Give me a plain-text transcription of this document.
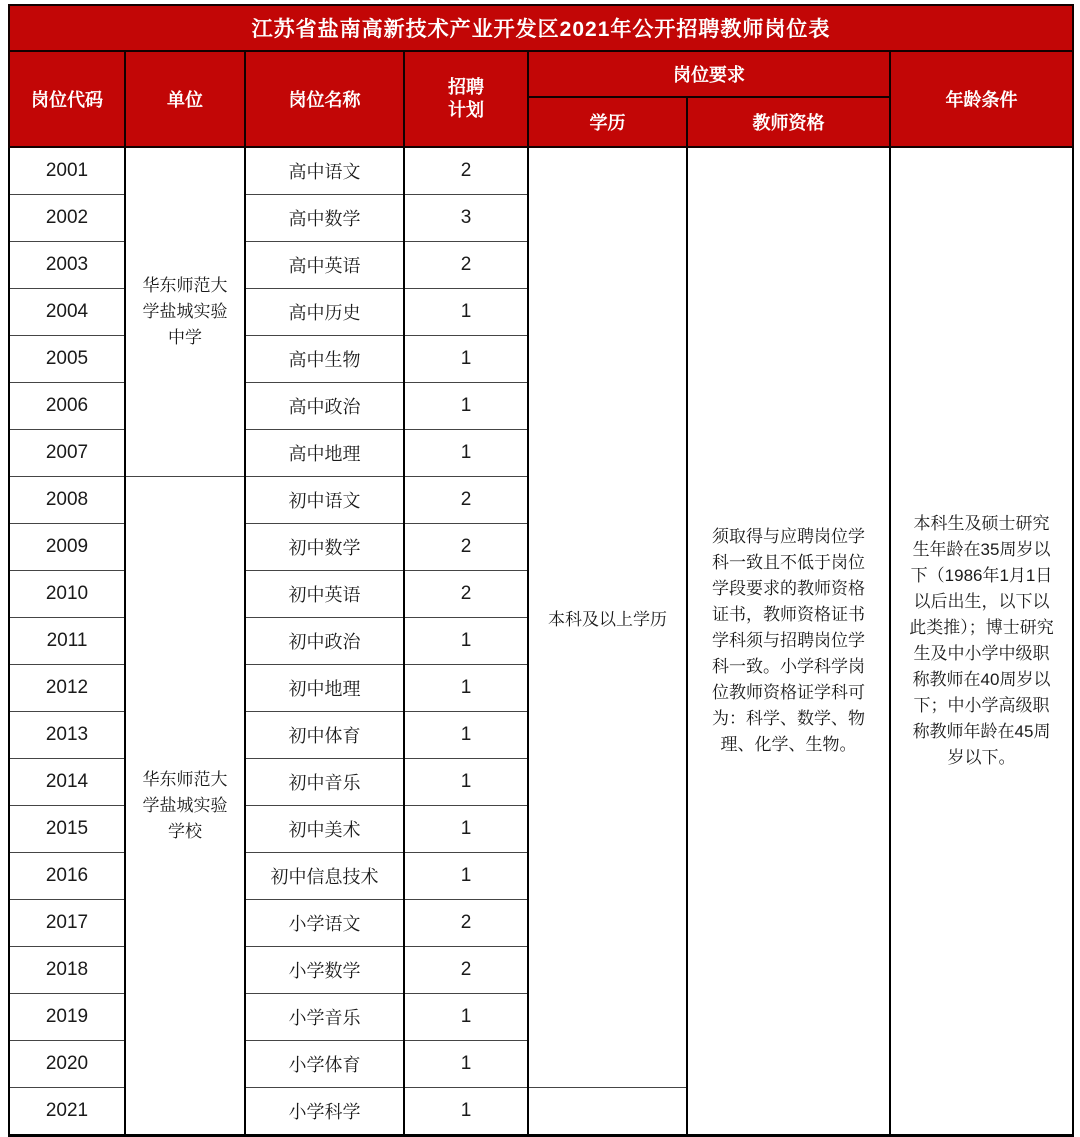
江苏省盐南高新技术产业开发区2021年公开招聘教师岗位表						
岗位代码	单位	岗位名称	招聘计划	岗位要求		年龄条件
				学历	教师资格	
2001	华东师范大学盐城实验中学	高中语文	2	本科及以上学历	须取得与应聘岗位学科一致且不低于岗位学段要求的教师资格证书，教师资格证书学科须与招聘岗位学科一致。小学科学岗位教师资格证学科可为：科学、数学、物理、化学、生物。	本科生及硕士研究生年龄在35周岁以下（1986年1月1日以后出生，以下以此类推）；博士研究生及中小学中级职称教师在40周岁以下；中小学高级职称教师年龄在45周岁以下。

2002		高中数学	3			
2003		高中英语	2			
2004		高中历史	1			
2005		高中生物	1			
2006		高中政治	1			
2007		高中地理	1			
2008	华东师范大学盐城实验学校	初中语文	2			
2009		初中数学	2			
2010		初中英语	2			
2011		初中政治	1			
2012		初中地理	1			
2013		初中体育	1			
2014		初中音乐	1			
2015		初中美术	1			
2016		初中信息技术	1			
2017		小学语文	2			
2018		小学数学	2			
2019		小学音乐	1			
2020		小学体育	1			
2021		小学科学	1			
